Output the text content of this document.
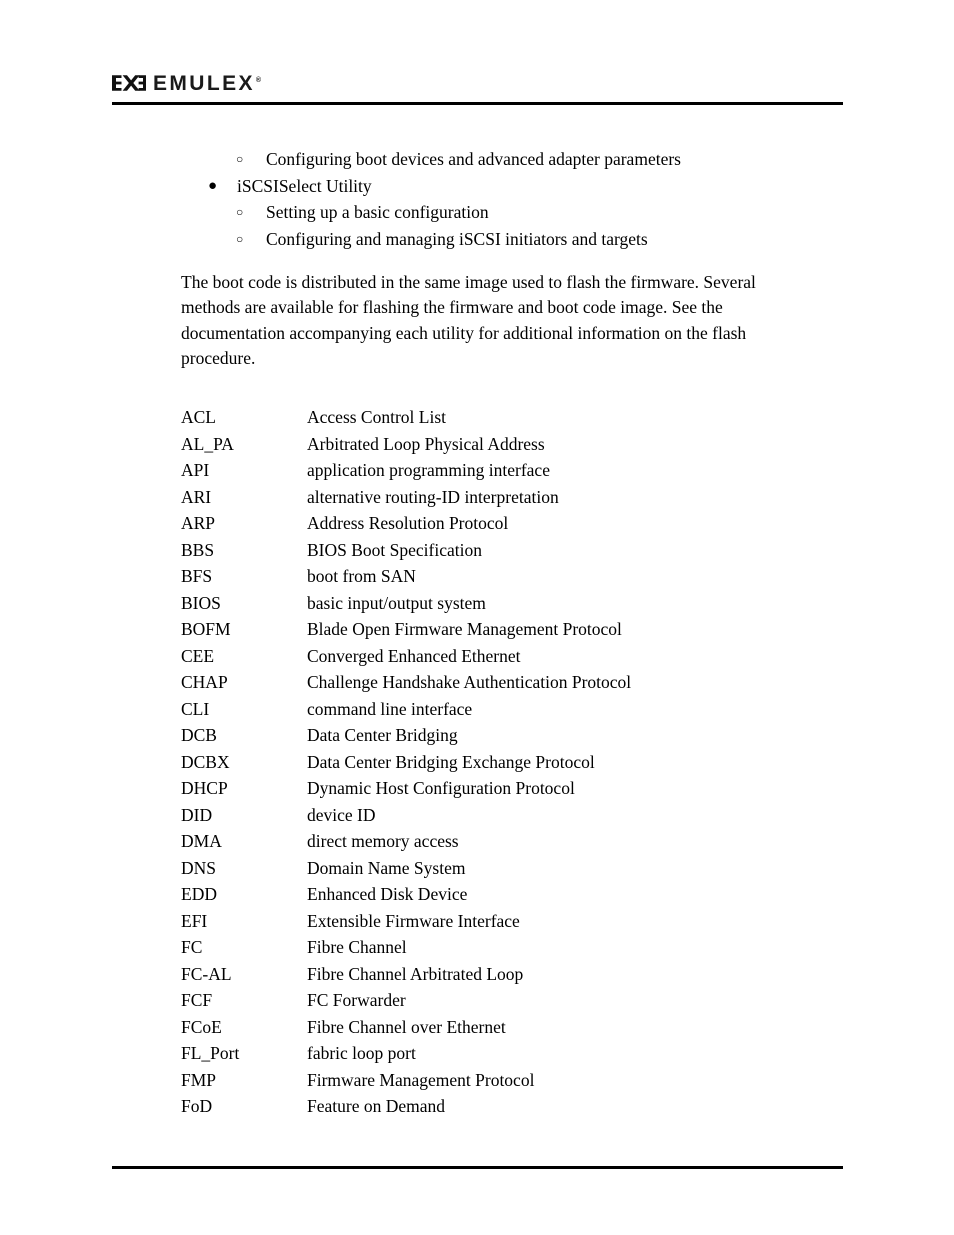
EMULEX®
○ Configuring boot devices and advanced adapter parameters
● iSCSISelect Utility
○ Setting up a basic configuration
○ Configuring and managing iSCSI initiators and targets

The boot code is distributed in the same image used to flash the firmware. Several methods are available for flashing the firmware and boot code image. See the documentation accompanying each utility for additional information on the flash procedure.

ACL	Access Control List
AL_PA	Arbitrated Loop Physical Address
API	application programming interface
ARI	alternative routing-ID interpretation
ARP	Address Resolution Protocol
BBS	BIOS Boot Specification
BFS	boot from SAN
BIOS	basic input/output system
BOFM	Blade Open Firmware Management Protocol
CEE	Converged Enhanced Ethernet
CHAP	Challenge Handshake Authentication Protocol
CLI	command line interface
DCB	Data Center Bridging
DCBX	Data Center Bridging Exchange Protocol
DHCP	Dynamic Host Configuration Protocol
DID	device ID
DMA	direct memory access
DNS	Domain Name System
EDD	Enhanced Disk Device
EFI	Extensible Firmware Interface
FC	Fibre Channel
FC-AL	Fibre Channel Arbitrated Loop
FCF	FC Forwarder
FCoE	Fibre Channel over Ethernet
FL_Port	fabric loop port
FMP	Firmware Management Protocol
FoD	Feature on Demand
